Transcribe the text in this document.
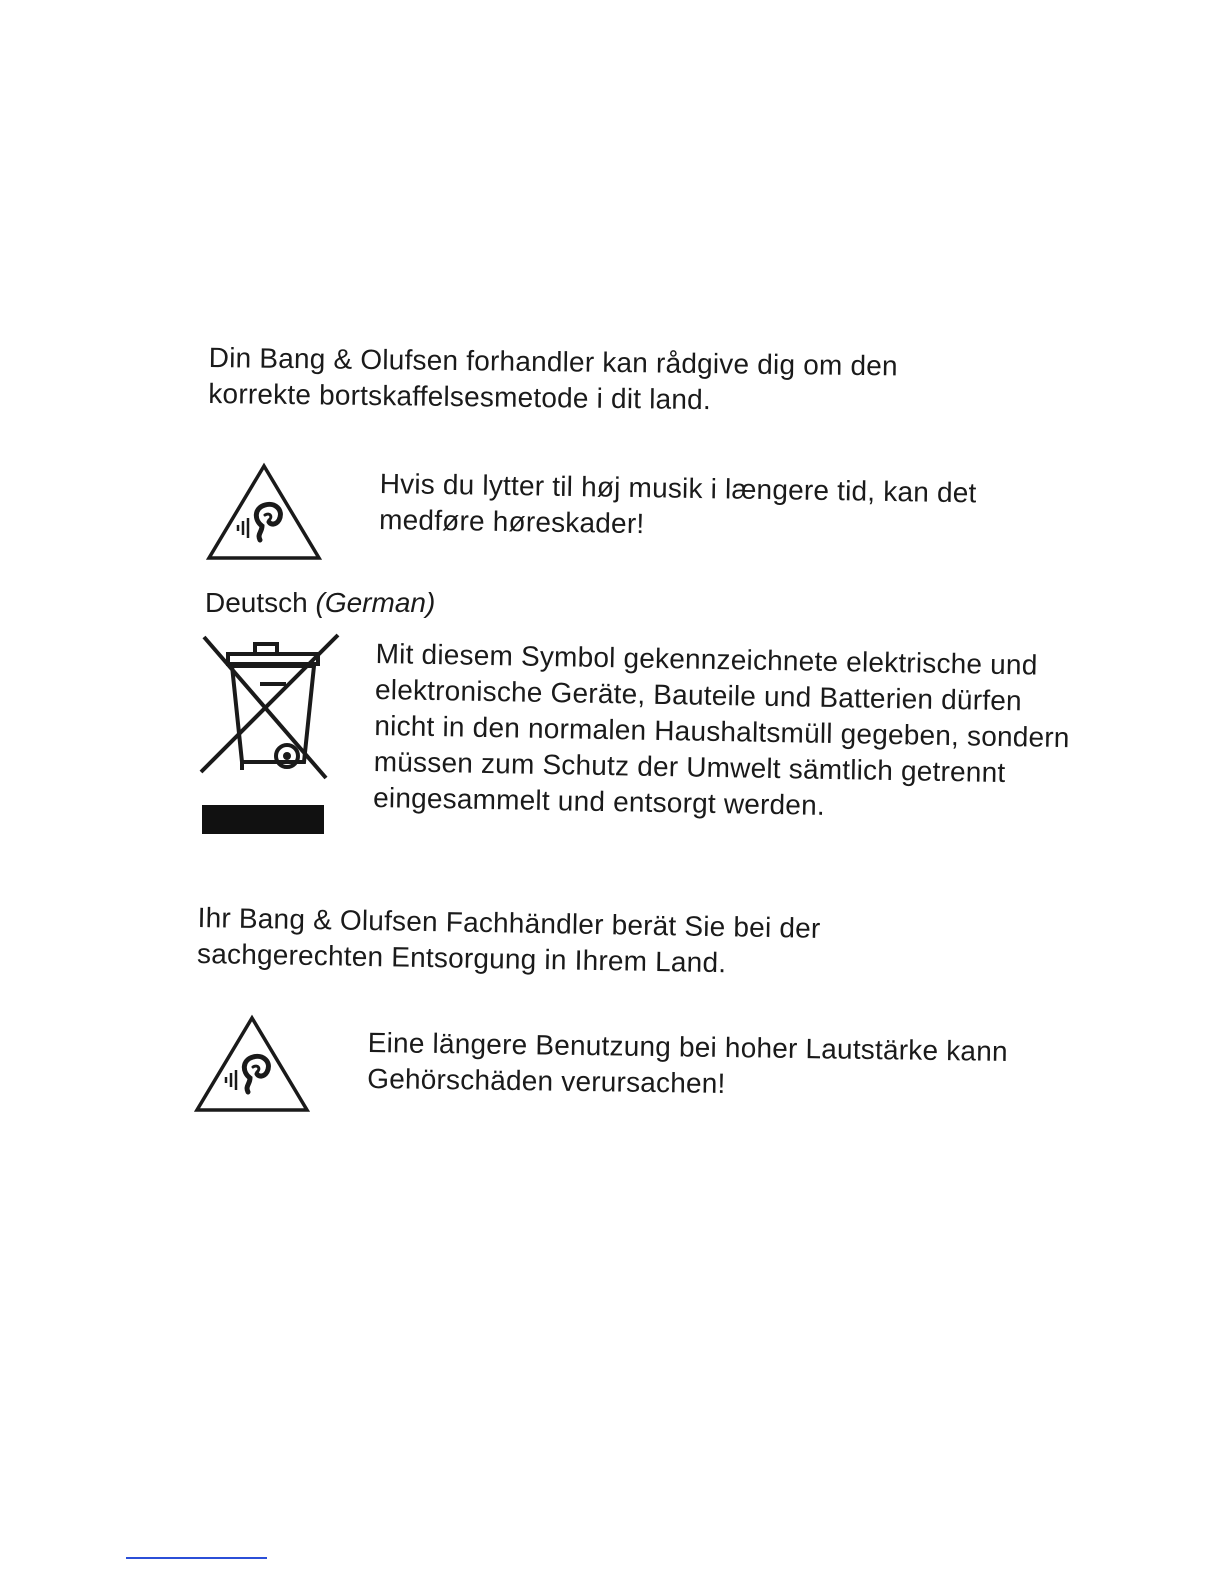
Din Bang & Olufsen forhandler kan rådgive dig om den korrekte bortskaffelsesmetode i dit land.

Hvis du lytter til høj musik i længere tid, kan det medføre høreskader!

Deutsch (German)

Mit diesem Symbol gekennzeichnete elektrische und elektronische Geräte, Bauteile und Batterien dürfen nicht in den normalen Haushaltsmüll gegeben, sondern müssen zum Schutz der Umwelt sämtlich getrennt eingesammelt und entsorgt werden.

Ihr Bang & Olufsen Fachhändler berät Sie bei der sachgerechten Entsorgung in Ihrem Land.

Eine längere Benutzung bei hoher Lautstärke kann Gehörschäden verursachen!
